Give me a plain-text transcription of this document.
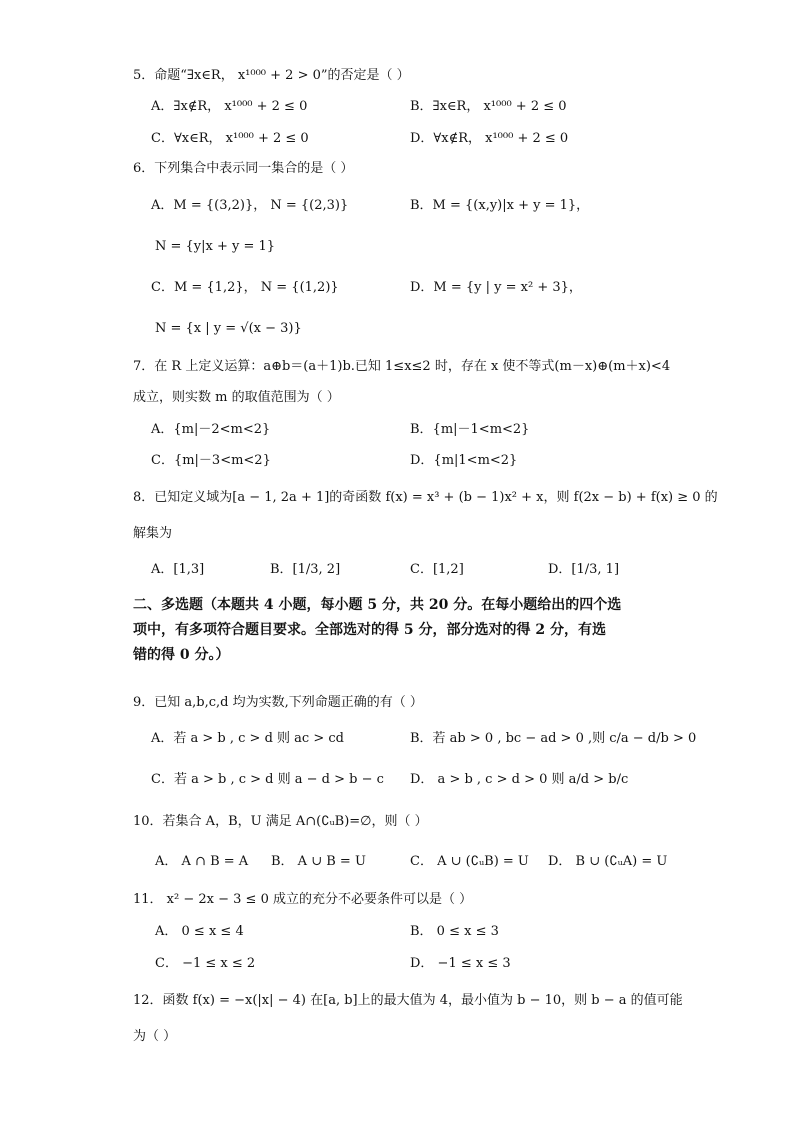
5．命题“∃x∈R， x¹⁰⁰⁰ + 2 > 0”的否定是（ ）
A．∃x∉R， x¹⁰⁰⁰ + 2 ≤ 0	B．∃x∈R， x¹⁰⁰⁰ + 2 ≤ 0
C．∀x∈R， x¹⁰⁰⁰ + 2 ≤ 0	D．∀x∉R， x¹⁰⁰⁰ + 2 ≤ 0
6．下列集合中表示同一集合的是（ ）
A．M = {(3,2)}， N = {(2,3)}	B．M = {(x,y)|x + y = 1}，
N = {y|x + y = 1}
C．M = {1,2}， N = {(1,2)}	D．M = {y | y = x² + 3}，
N = {x | y = √(x − 3)}
7．在 R 上定义运算：a⊕b＝(a＋1)b.已知 1≤x≤2 时，存在 x 使不等式(m－x)⊕(m＋x)<4
成立，则实数 m 的取值范围为（ ）
A．{m|－2<m<2}	B．{m|－1<m<2}
C．{m|－3<m<2}	D．{m|1<m<2}
8．已知定义域为[a − 1, 2a + 1]的奇函数 f(x) = x³ + (b − 1)x² + x，则 f(2x − b) + f(x) ≥ 0 的
解集为
A．[1,3]	B．[1/3, 2]	C．[1,2]	D．[1/3, 1]
二、多选题（本题共 4 小题，每小题 5 分，共 20 分。在每小题给出的四个选
项中，有多项符合题目要求。全部选对的得 5 分，部分选对的得 2 分，有选
错的得 0 分。）
9．已知 a,b,c,d 均为实数,下列命题正确的有（ ）
A．若 a > b , c > d 则 ac > cd	B．若 ab > 0 , bc − ad > 0 ,则 c/a − d/b > 0
C．若 a > b , c > d 则 a − d > b − c D． a > b , c > d > 0 则 a/d > b/c
10．若集合 A，B，U 满足 A∩(∁ᵤB)=∅，则（ ）
A． A ∩ B = A B． A ∪ B = U	C． A ∪ (∁ᵤB) = U D． B ∪ (∁ᵤA) = U
11． x² − 2x − 3 ≤ 0 成立的充分不必要条件可以是（ ）
A． 0 ≤ x ≤ 4	B． 0 ≤ x ≤ 3
C． −1 ≤ x ≤ 2	D． −1 ≤ x ≤ 3
12．函数 f(x) = −x(|x| − 4) 在[a, b]上的最大值为 4，最小值为 b − 10，则 b − a 的值可能
为（ ）
